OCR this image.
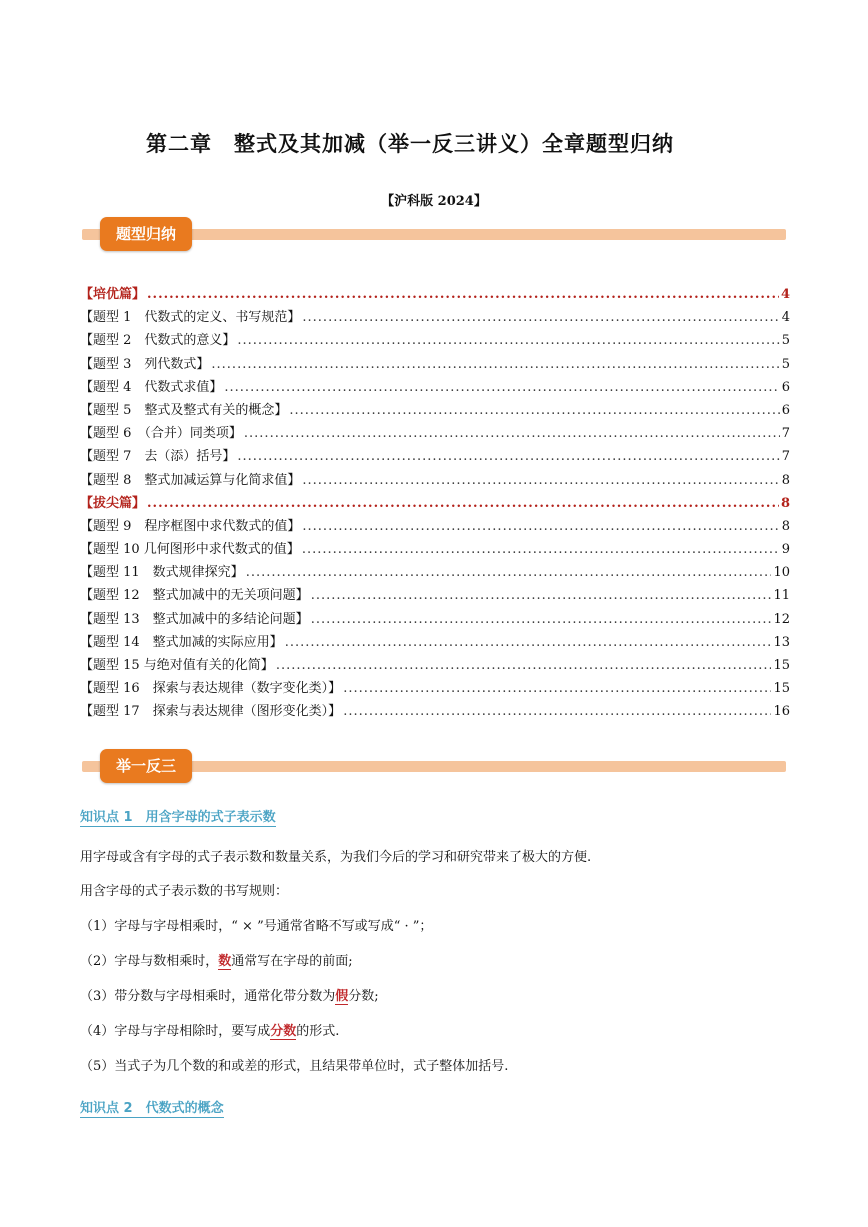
第二章　整式及其加减（举一反三讲义）全章题型归纳
【沪科版 2024】
题型归纳
【培优篇】 .....	4
【题型 1　代数式的定义、书写规范】 .....	4
【题型 2　代数式的意义】 .....	5
【题型 3　列代数式】 .....	5
【题型 4　代数式求值】 .....	6
【题型 5　整式及整式有关的概念】 .....	6
【题型 6　（合并）同类项】 .....	7
【题型 7　去（添）括号】 .....	7
【题型 8　整式加减运算与化简求值】 .....	8
【拔尖篇】 .....	8
【题型 9　程序框图中求代数式的值】 .....	8
【题型 10 几何图形中求代数式的值】 .....	9
【题型 11　数式规律探究】 .....	10
【题型 12　整式加减中的无关项问题】 .....	11
【题型 13　整式加减中的多结论问题】 .....	12
【题型 14　整式加减的实际应用】 .....	13
【题型 15 与绝对值有关的化简】 .....	15
【题型 16　探索与表达规律（数字变化类）】 .....	15
【题型 17　探索与表达规律（图形变化类）】 .....	16
举一反三
知识点 1　用含字母的式子表示数
用字母或含有字母的式子表示数和数量关系，为我们今后的学习和研究带来了极大的方便.
用含字母的式子表示数的书写规则：
（1）字母与字母相乘时，“ × ”号通常省略不写或写成“ · ”；
（2）字母与数相乘时，数通常写在字母的前面;
（3）带分数与字母相乘时，通常化带分数为假分数;
（4）字母与字母相除时，要写成分数的形式.
（5）当式子为几个数的和或差的形式，且结果带单位时，式子整体加括号.
知识点 2　代数式的概念
